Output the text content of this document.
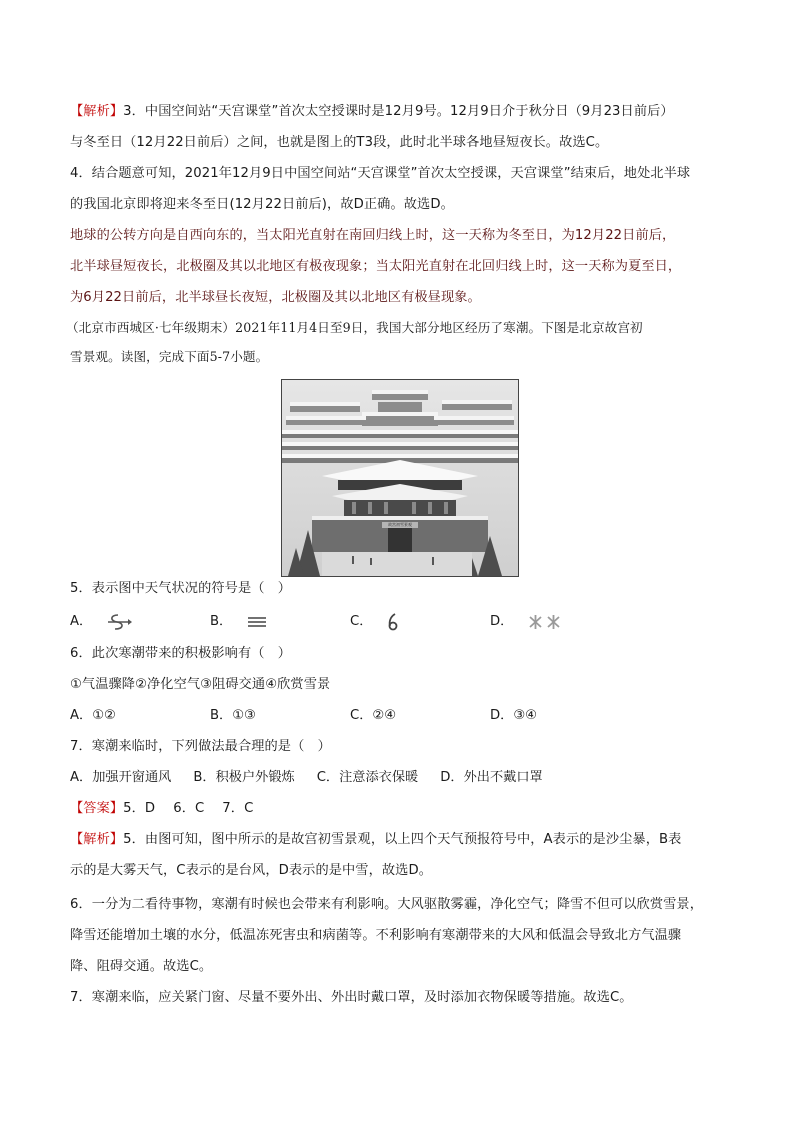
【解析】3．中国空间站“天宫课堂”首次太空授课时是12月9号。12月9日介于秋分日（9月23日前后）
与冬至日（12月22日前后）之间，也就是图上的T3段，此时北半球各地昼短夜长。故选C。
4．结合题意可知，2021年12月9日中国空间站“天宫课堂”首次太空授课，天宫课堂”结束后，地处北半球
的我国北京即将迎来冬至日(12月22日前后)，故D正确。故选D。
地球的公转方向是自西向东的，当太阳光直射在南回归线上时，这一天称为冬至日，为12月22日前后，
北半球昼短夜长，北极圈及其以北地区有极夜现象；当太阳光直射在北回归线上时，这一天称为夏至日，
为6月22日前后，北半球昼长夜短，北极圈及其以北地区有极昼现象。
（北京市西城区·七年级期末）2021年11月4日至9日，我国大部分地区经历了寒潮。下图是北京故宫初
雪景观。读图，完成下面5-7小题。
故宫初雪景观
5．表示图中天气状况的符号是（　）
A．	B．	C．	D．
6．此次寒潮带来的积极影响有（　）
①气温骤降②净化空气③阻碍交通④欣赏雪景
A．①②	B．①③	C．②④	D．③④
7．寒潮来临时，下列做法最合理的是（　）
A．加强开窗通风 B．积极户外锻炼 C．注意添衣保暖 D．外出不戴口罩
【答案】5．D 6．C 7．C
【解析】5．由图可知，图中所示的是故宫初雪景观，以上四个天气预报符号中，A表示的是沙尘暴，B表
示的是大雾天气，C表示的是台风，D表示的是中雪，故选D。
6．一分为二看待事物，寒潮有时候也会带来有利影响。大风驱散雾霾，净化空气；降雪不但可以欣赏雪景，
降雪还能增加土壤的水分，低温冻死害虫和病菌等。不利影响有寒潮带来的大风和低温会导致北方气温骤
降、阻碍交通。故选C。
7．寒潮来临，应关紧门窗、尽量不要外出、外出时戴口罩，及时添加衣物保暖等措施。故选C。
